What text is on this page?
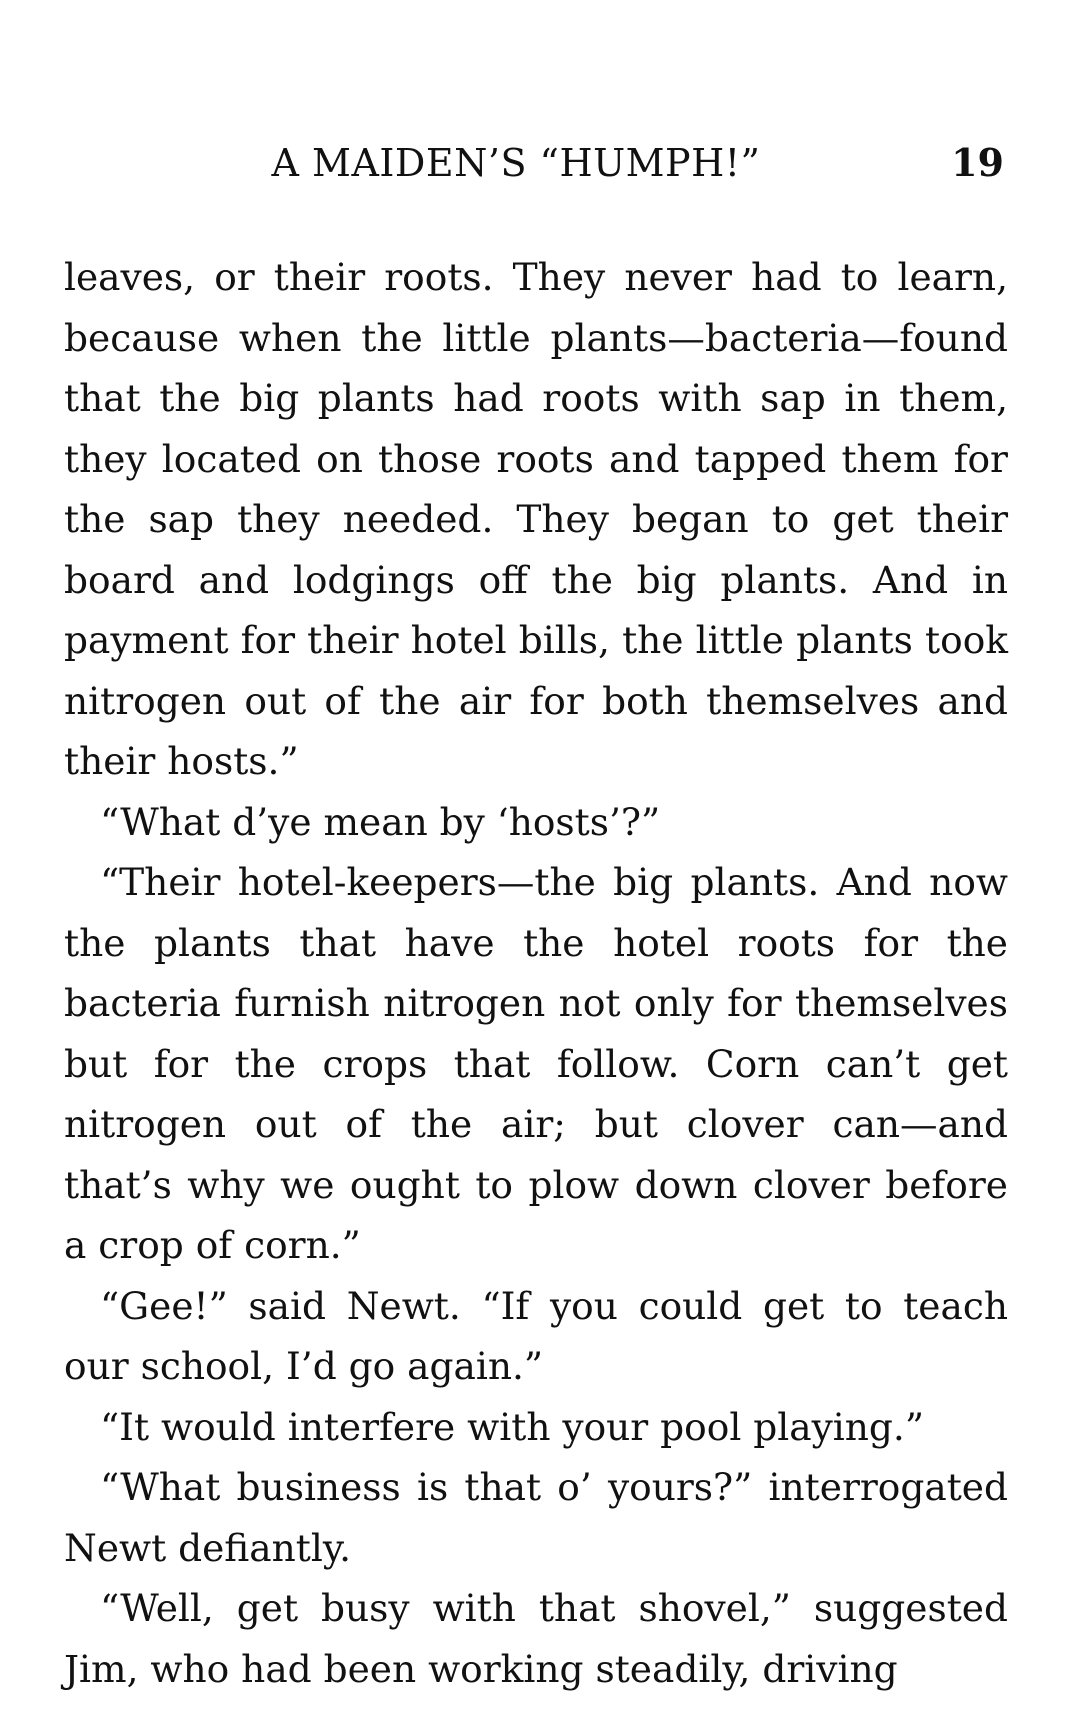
A MAIDEN’S “HUMPH!”	19

leaves, or their roots. They never had to learn, because when the little plants—bacteria—found that the big plants had roots with sap in them, they located on those roots and tapped them for the sap they needed. They began to get their board and lodgings off the big plants. And in payment for their hotel bills, the little plants took nitrogen out of the air for both themselves and their hosts.”

“What d’ye mean by ‘hosts’?”

“Their hotel-keepers—the big plants. And now the plants that have the hotel roots for the bacteria furnish nitrogen not only for themselves but for the crops that follow. Corn can’t get nitrogen out of the air; but clover can—and that’s why we ought to plow down clover before a crop of corn.”

“Gee!” said Newt. “If you could get to teach our school, I’d go again.”

“It would interfere with your pool playing.”

“What business is that o’ yours?” interrogated Newt defiantly.

“Well, get busy with that shovel,” suggested Jim, who had been working steadily, driving
